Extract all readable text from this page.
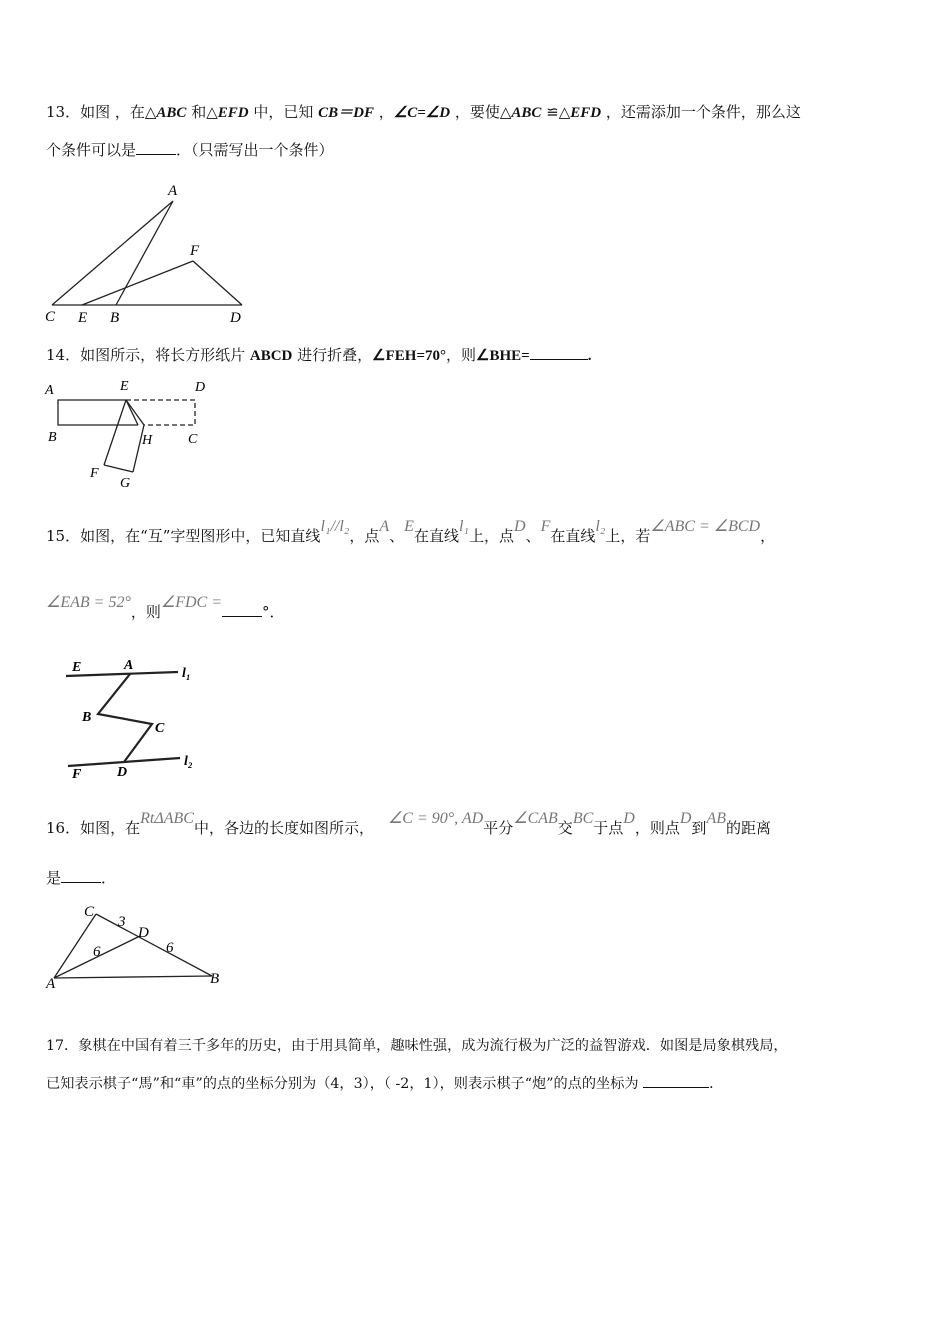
13．如图 ，在△ABC 和△EFD 中，已知 CB＝DF ，∠C=∠D ，要使△ABC ≌△EFD ，还需添加一个条件，那么这
个条件可以是	．（只需写出一个条件）
A
F
C E B	D
14．如图所示，将长方形纸片 ABCD 进行折叠，∠FEH=70°，则∠BHE=	.
A	E	D
B	H	C
F
G
15．如图，在“互”字型图形中，已知直线l₁//l₂，点A、E在直线l₁上，点D、F在直线l₂上，若∠ABC = ∠BCD，
∠EAB = 52°，则∠FDC =°．
E	A
l₁
B
C
F	D
l₂
16．如图，在RtΔABC中，各边的长度如图所示，∠C = 90°, AD平分∠CAB交BC于点D，则点D到AB的距离
是	．
C
D
A	B
3
6	6
17．象棋在中国有着三千多年的历史，由于用具简单，趣味性强，成为流行极为广泛的益智游戏．如图是局象棋残局，
已知表示棋子“馬”和“車”的点的坐标分别为（4，3），（ -2，1），则表示棋子“炮”的点的坐标为	．
